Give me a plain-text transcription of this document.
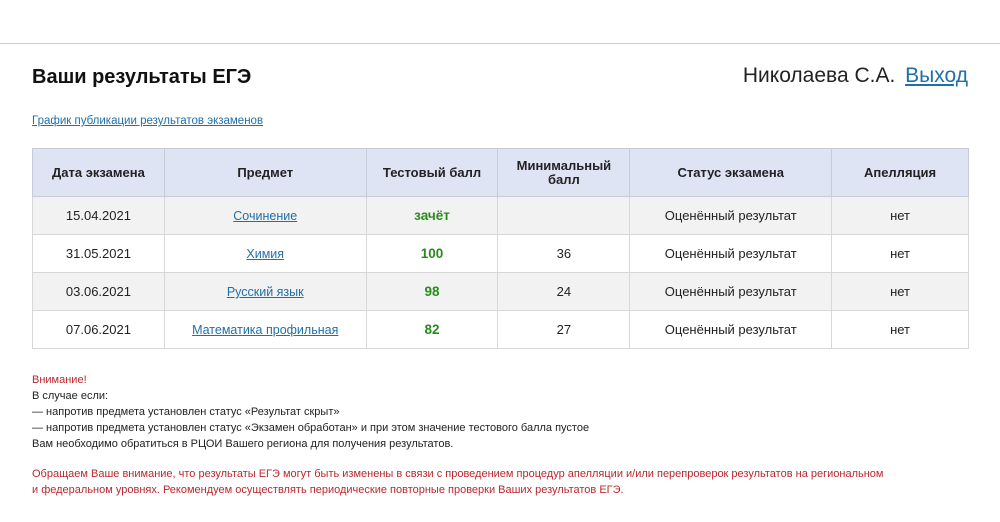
Ваши результаты ЕГЭ	Николаева С.А. Выход
График публикации результатов экзаменов
Дата экзамена	Предмет	Тестовый балл	Минимальный балл	Статус экзамена	Апелляция
15.04.2021	Сочинение	зачёт		Оценённый результат	нет
31.05.2021	Химия	100	36	Оценённый результат	нет
03.06.2021	Русский язык	98	24	Оценённый результат	нет
07.06.2021	Математика профильная	82	27	Оценённый результат	нет
Внимание!
В случае если:
— напротив предмета установлен статус «Результат скрыт»
— напротив предмета установлен статус «Экзамен обработан» и при этом значение тестового балла пустое
Вам необходимо обратиться в РЦОИ Вашего региона для получения результатов.
Обращаем Ваше внимание, что результаты ЕГЭ могут быть изменены в связи с проведением процедур апелляции и/или перепроверок результатов на региональном
и федеральном уровнях. Рекомендуем осуществлять периодические повторные проверки Ваших результатов ЕГЭ.
